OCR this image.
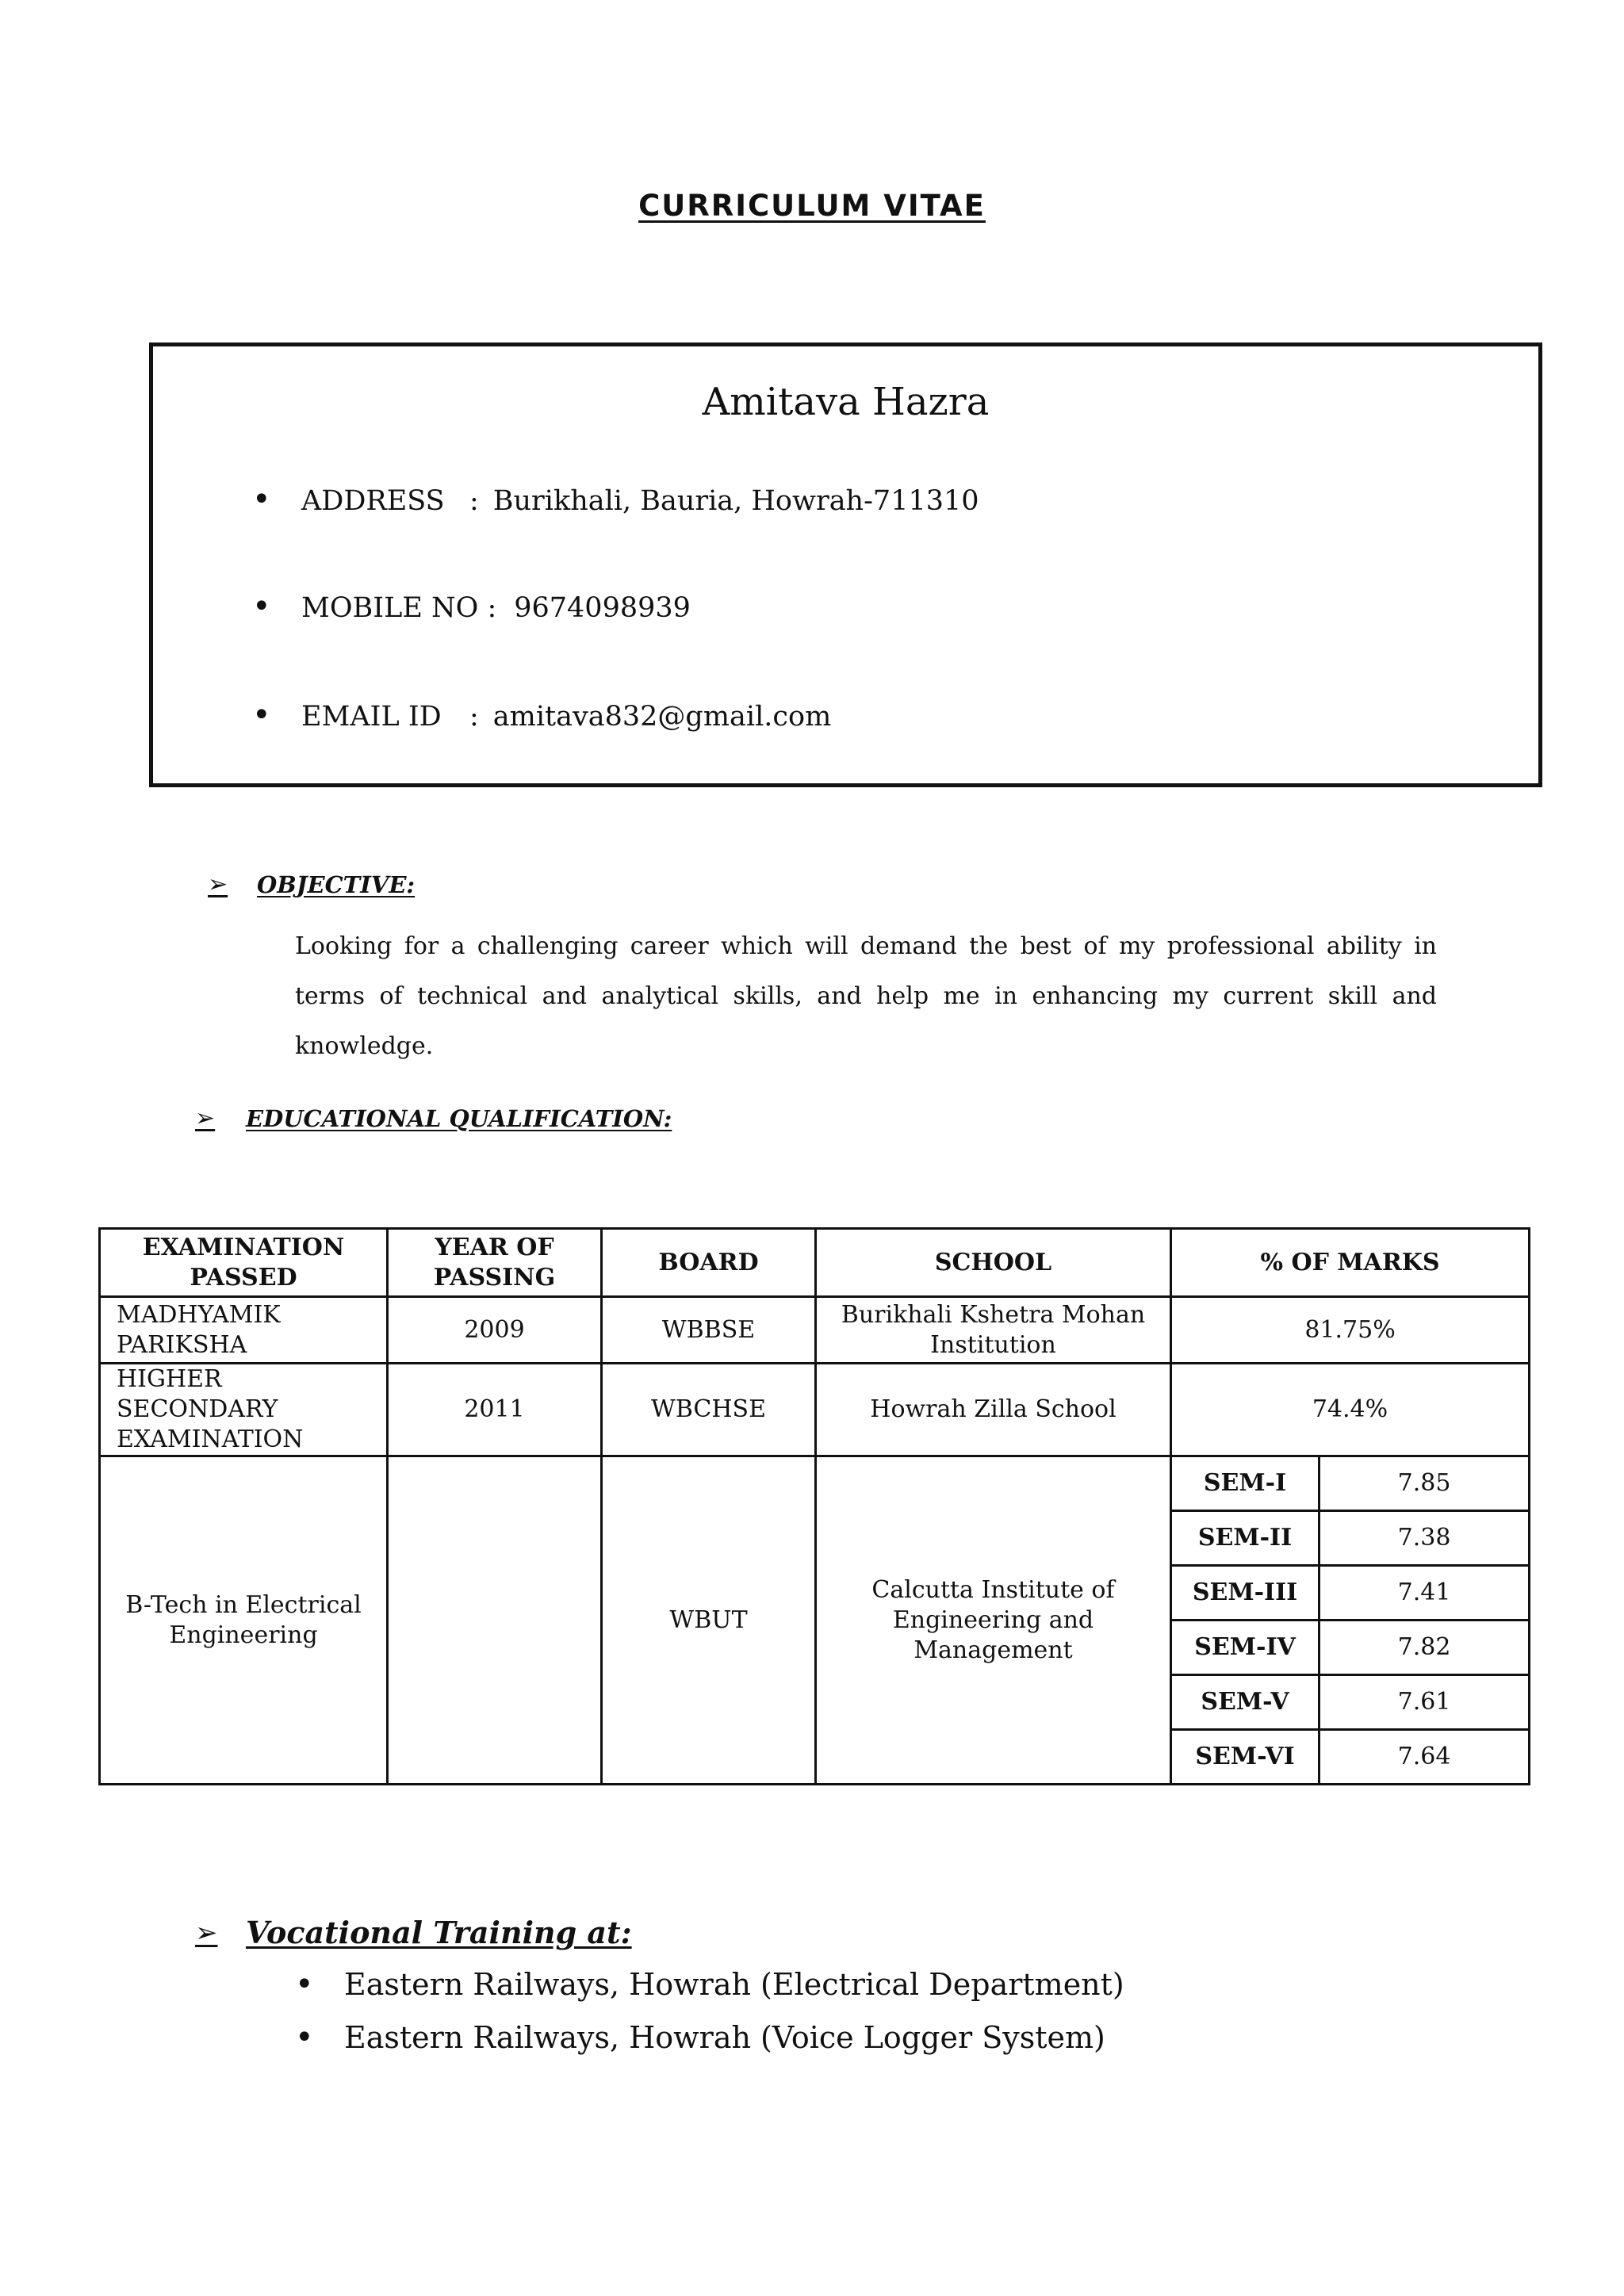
CURRICULUM VITAE
Amitava Hazra
•	ADDRESS : Burikhali, Bauria, Howrah-711310
•	MOBILE NO : 9674098939
•	EMAIL ID	: amitava832@gmail.com
➢	OBJECTIVE:
Looking for a challenging career which will demand the best of my professional ability in terms of technical and analytical skills, and help me in enhancing my current skill and knowledge.
➢	EDUCATIONAL QUALIFICATION:
EXAMINATION PASSED	YEAR OF PASSING	BOARD	SCHOOL	% OF MARKS	
MADHYAMIK PARIKSHA	2009	WBBSE	Burikhali Kshetra Mohan Institution	81.75%	
HIGHER SECONDARY EXAMINATION	2011	WBCHSE	Howrah Zilla School	74.4%	
B-Tech in Electrical Engineering		WBUT	Calcutta Institute of Engineering and Management	SEM-I	7.85
				SEM-II	7.38
				SEM-III	7.41
				SEM-IV	7.82
				SEM-V	7.61
				SEM-VI	7.64
➢ Vocational Training at:
•	Eastern Railways, Howrah (Electrical Department)
•	Eastern Railways, Howrah (Voice Logger System)
